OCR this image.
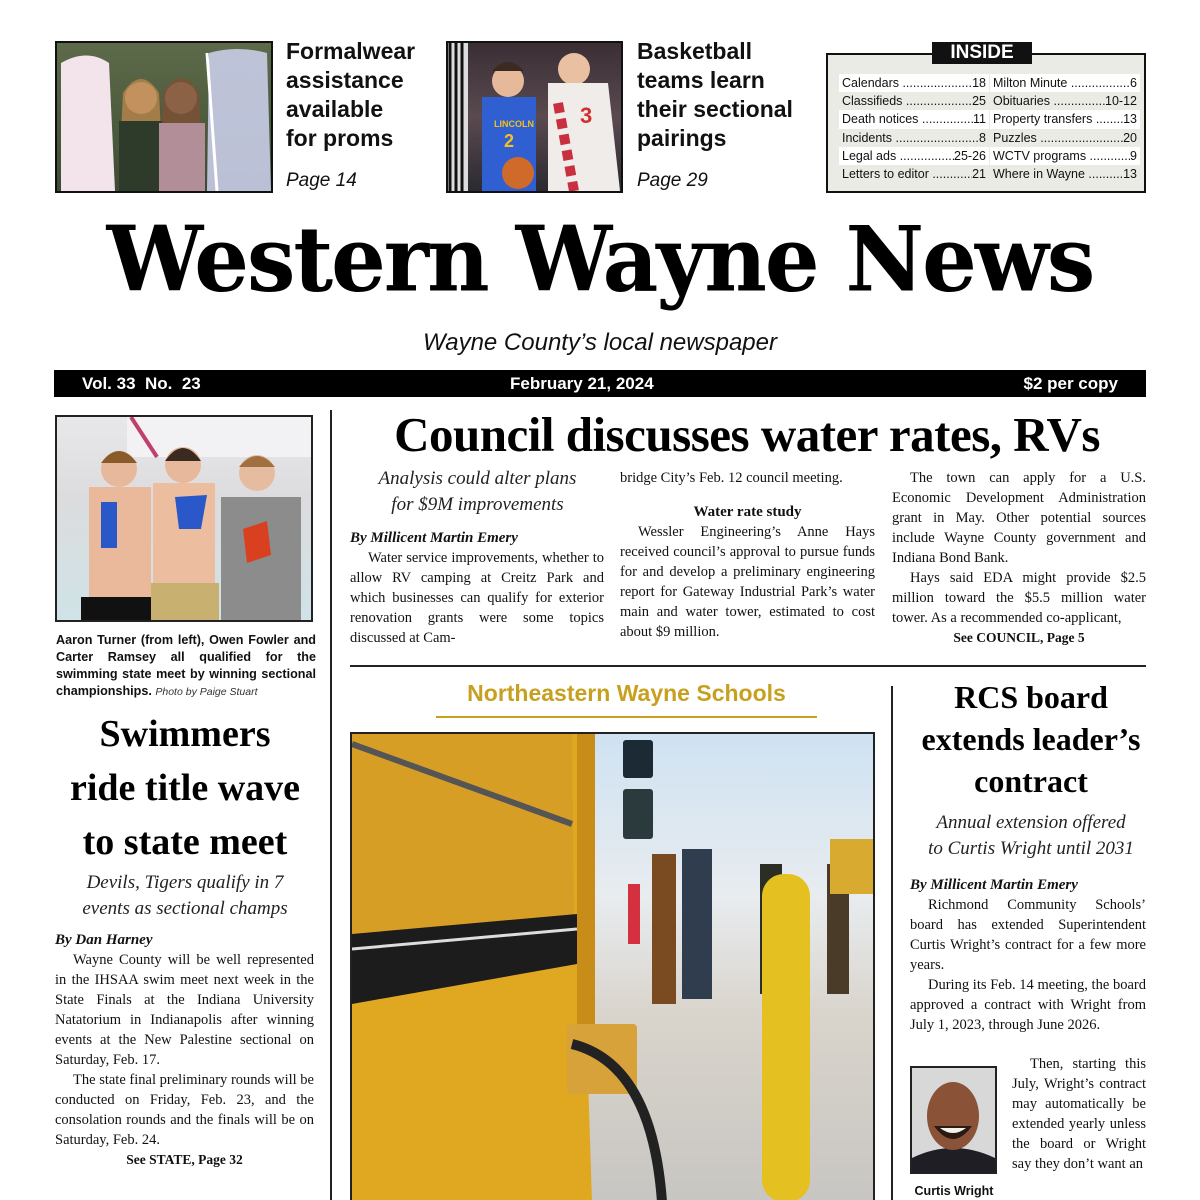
Formalwear
assistance
available
for proms
Page 14
LINCOLN
2
3
Basketball
teams learn
their sectional
pairings
Page 29
INSIDE
Calendars .....	18
Classifieds .....	25
Death notices .....	11
Incidents .....	8
Legal ads .....	25-26
Letters to editor .....	21
Milton Minute .....	6
Obituaries .....	10-12
Property transfers .....	13
Puzzles .....	20
WCTV programs .....	9
Where in Wayne .....	13
Western Wayne News
Wayne County’s local newspaper
Vol. 33  No.  23	February 21, 2024	$2 per copy
Aaron Turner (from left), Owen Fowler and Carter Ramsey all qualified for the swimming state meet by winning sectional championships. Photo by Paige Stuart
Swimmers
ride title wave
to state meet
Devils, Tigers qualify in 7
events as sectional champs

By Dan Harney

Wayne County will be well represented in the IHSAA swim meet next week in the State Finals at the Indiana University Natatorium in Indianapolis after winning events at the New Palestine sectional on Saturday, Feb. 17.

The state final preliminary rounds will be conducted on Friday, Feb. 23, and the consolation rounds and the finals will be on Saturday, Feb. 24.

See STATE, Page 32

Council discusses water rates, RVs
Analysis could alter plans
for $9M improvements

By Millicent Martin Emery

Water service improvements, whether to allow RV camping at Creitz Park and which businesses can qualify for exterior renovation grants were some topics discussed at Cam-

bridge City’s Feb. 12 council meeting.

Water rate study

Wessler Engineering’s Anne Hays received council’s approval to pursue funds for and develop a preliminary engineering report for Gateway Industrial Park’s water main and water tower, estimated to cost about $9 million.

The town can apply for a U.S. Economic Development Administration grant in May. Other potential sources include Wayne County government and Indiana Bond Bank.

Hays said EDA might provide $2.5 million toward the $5.5 million water tower. As a recommended co-applicant,

See COUNCIL, Page 5

Northeastern Wayne Schools	RCS board
extends leader’s
contract
Annual extension offered
to Curtis Wright until 2031

By Millicent Martin Emery

Richmond Community Schools’ board has extended Superintendent Curtis Wright’s contract for a few more years.

During its Feb. 14 meeting, the board approved a contract with Wright from July 1, 2023, through June 2026.

Curtis Wright

Then, starting this July, Wright’s contract may automatically be extended yearly unless the board or Wright say they don’t want an
